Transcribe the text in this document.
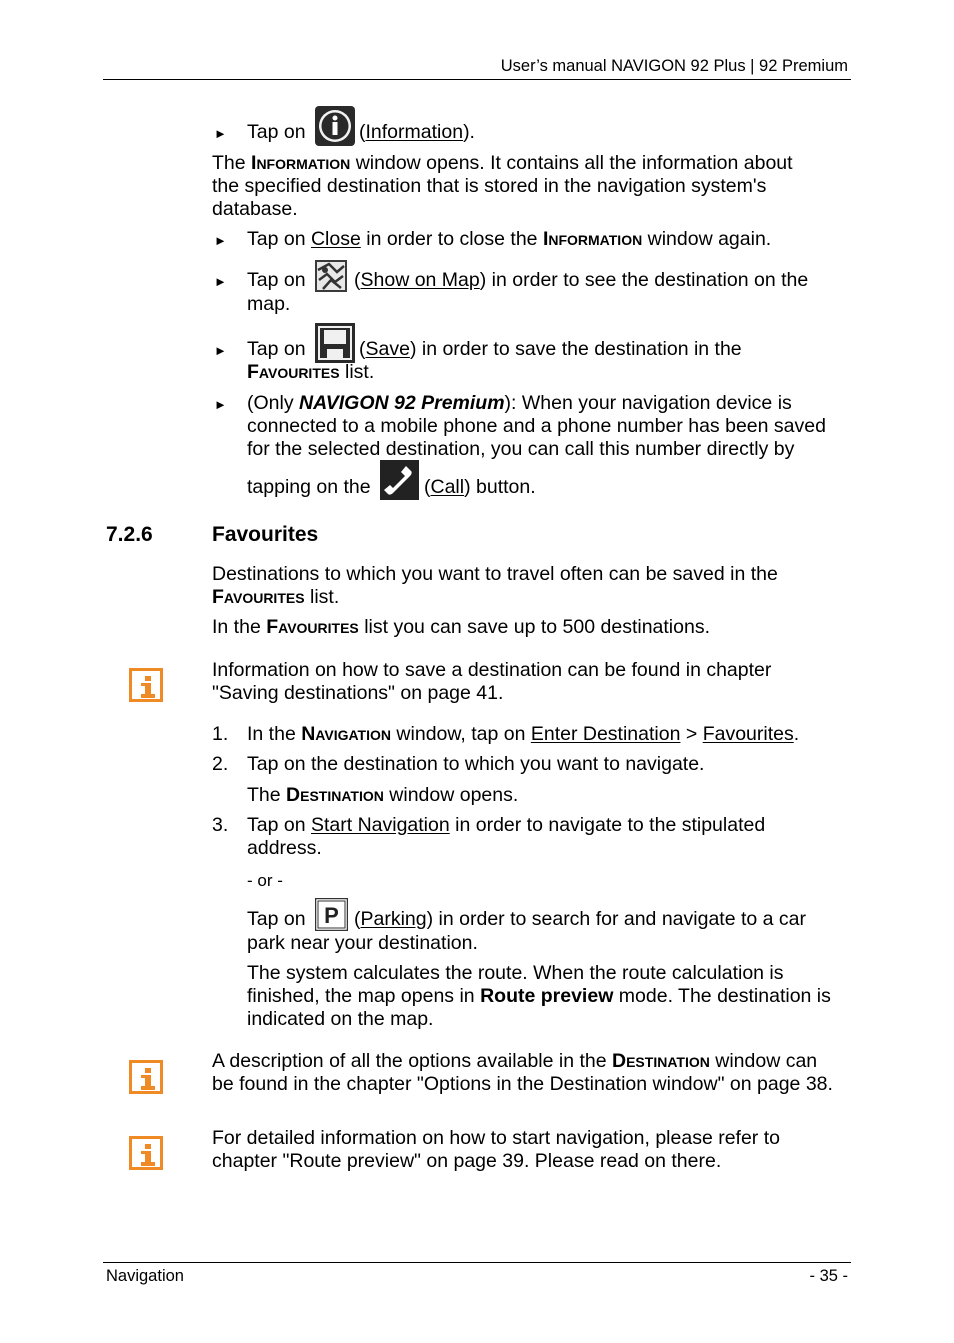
User’s manual NAVIGON 92 Plus | 92 Premium
► Tap on	(Information).
The Information window opens. It contains all the information about
the specified destination that is stored in the navigation system's
database.
► Tap on Close in order to close the Information window again.
► Tap on (Show on Map) in order to see the destination on the
map.
► Tap on	(Save) in order to save the destination in the
Favourites list.
► (Only NAVIGON 92 Premium): When your navigation device is
connected to a mobile phone and a phone number has been saved
for the selected destination, you can call this number directly by
tapping on the	(Call) button.
7.2.6	Favourites
Destinations to which you want to travel often can be saved in the
Favourites list.
In the Favourites list you can save up to 500 destinations.
Information on how to save a destination can be found in chapter
"Saving destinations" on page 41.
1. In the Navigation window, tap on Enter Destination > Favourites.
2. Tap on the destination to which you want to navigate.
The Destination window opens.
3. Tap on Start Navigation in order to navigate to the stipulated
address.
- or -
Tap on P (Parking) in order to search for and navigate to a car
park near your destination.
The system calculates the route. When the route calculation is
finished, the map opens in Route preview mode. The destination is
indicated on the map.
A description of all the options available in the Destination window can
be found in the chapter "Options in the Destination window" on page 38.
For detailed information on how to start navigation, please refer to
chapter "Route preview" on page 39. Please read on there.
Navigation	- 35 -
